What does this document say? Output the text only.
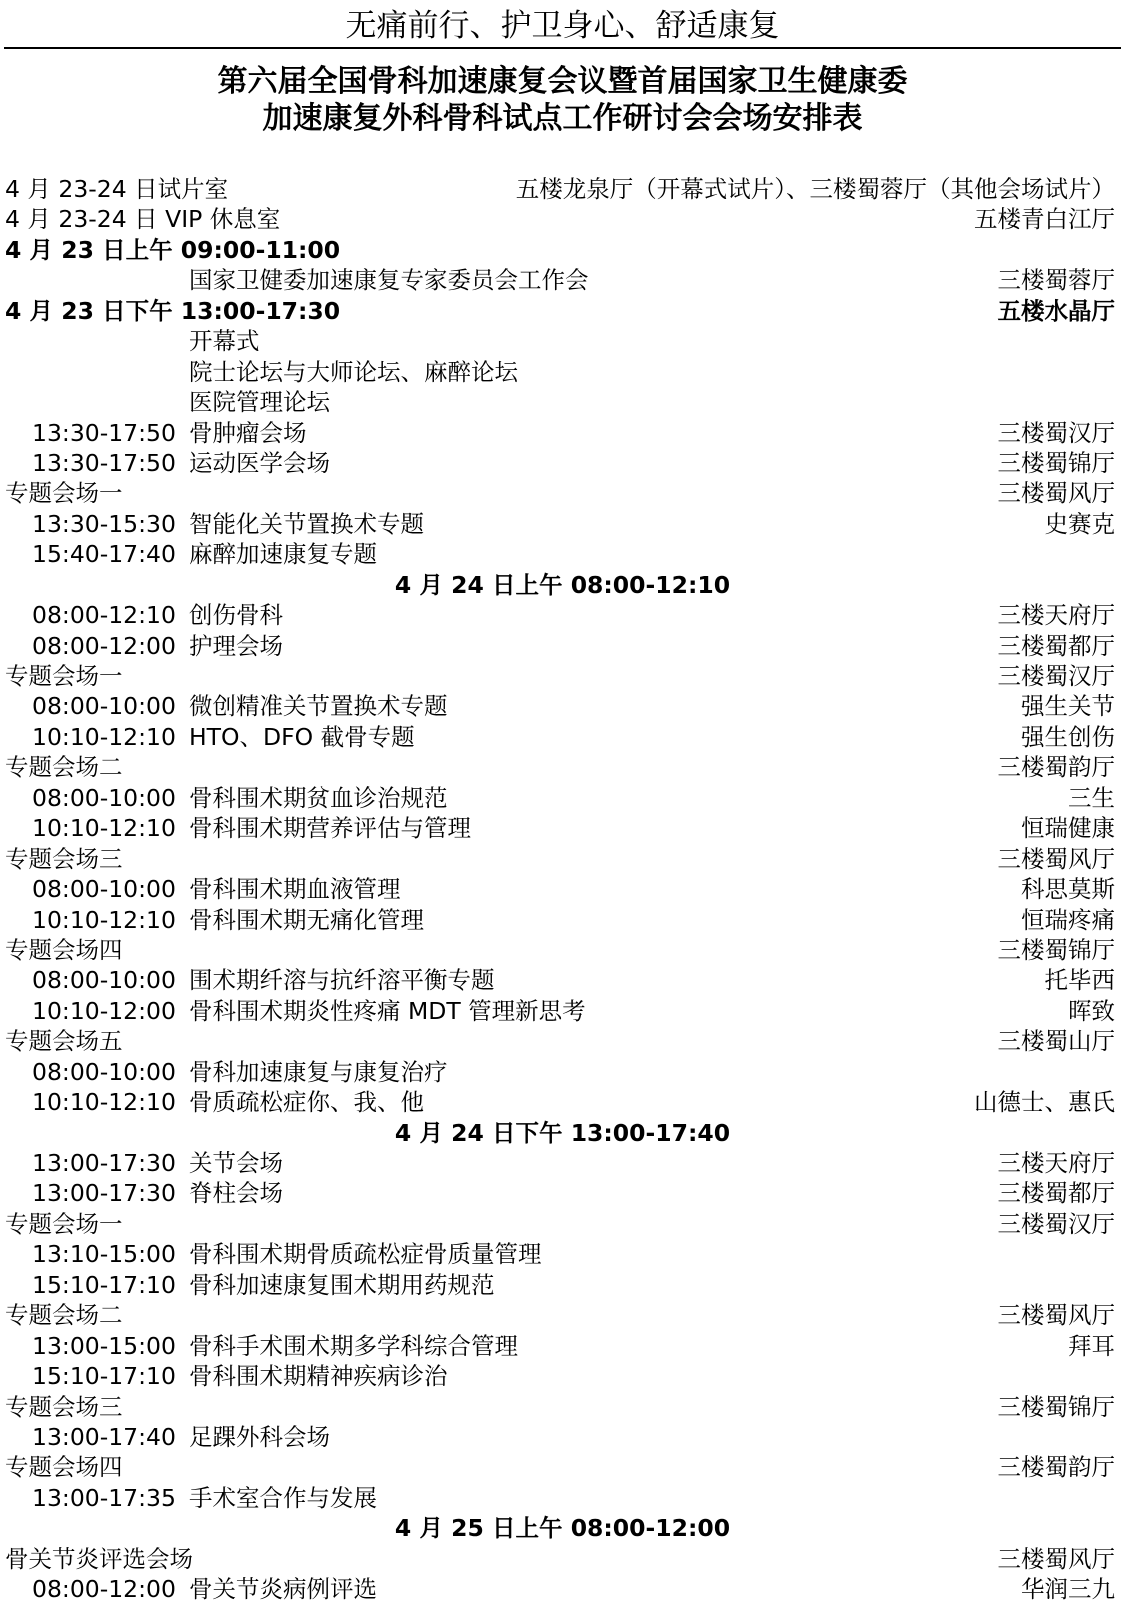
无痛前行、护卫身心、舒适康复
第六届全国骨科加速康复会议暨首届国家卫生健康委
加速康复外科骨科试点工作研讨会会场安排表
4 月 23-24 日试片室	五楼龙泉厅（开幕式试片）、三楼蜀蓉厅（其他会场试片）
4 月 23-24 日 VIP 休息室	五楼青白江厅
4 月 23 日上午 09:00-11:00
国家卫健委加速康复专家委员会工作会	三楼蜀蓉厅
4 月 23 日下午 13:00-17:30	五楼水晶厅
开幕式
院士论坛与大师论坛、麻醉论坛
医院管理论坛
13:30-17:50 骨肿瘤会场	三楼蜀汉厅
13:30-17:50 运动医学会场	三楼蜀锦厅
专题会场一	三楼蜀风厅
13:30-15:30 智能化关节置换术专题	史赛克
15:40-17:40 麻醉加速康复专题
4 月 24 日上午 08:00-12:10
08:00-12:10 创伤骨科	三楼天府厅
08:00-12:00 护理会场	三楼蜀都厅
专题会场一	三楼蜀汉厅
08:00-10:00 微创精准关节置换术专题	强生关节
10:10-12:10 HTO、DFO 截骨专题	强生创伤
专题会场二	三楼蜀韵厅
08:00-10:00 骨科围术期贫血诊治规范	三生
10:10-12:10 骨科围术期营养评估与管理	恒瑞健康
专题会场三	三楼蜀风厅
08:00-10:00 骨科围术期血液管理	科思莫斯
10:10-12:10 骨科围术期无痛化管理	恒瑞疼痛
专题会场四	三楼蜀锦厅
08:00-10:00 围术期纤溶与抗纤溶平衡专题	托毕西
10:10-12:00 骨科围术期炎性疼痛 MDT 管理新思考	晖致
专题会场五	三楼蜀山厅
08:00-10:00 骨科加速康复与康复治疗
10:10-12:10 骨质疏松症你、我、他	山德士、惠氏
4 月 24 日下午 13:00-17:40
13:00-17:30 关节会场	三楼天府厅
13:00-17:30 脊柱会场	三楼蜀都厅
专题会场一	三楼蜀汉厅
13:10-15:00 骨科围术期骨质疏松症骨质量管理
15:10-17:10 骨科加速康复围术期用药规范
专题会场二	三楼蜀风厅
13:00-15:00 骨科手术围术期多学科综合管理	拜耳
15:10-17:10 骨科围术期精神疾病诊治
专题会场三	三楼蜀锦厅
13:00-17:40 足踝外科会场
专题会场四	三楼蜀韵厅
13:00-17:35 手术室合作与发展
4 月 25 日上午 08:00-12:00
骨关节炎评选会场	三楼蜀风厅
08:00-12:00 骨关节炎病例评选	华润三九
